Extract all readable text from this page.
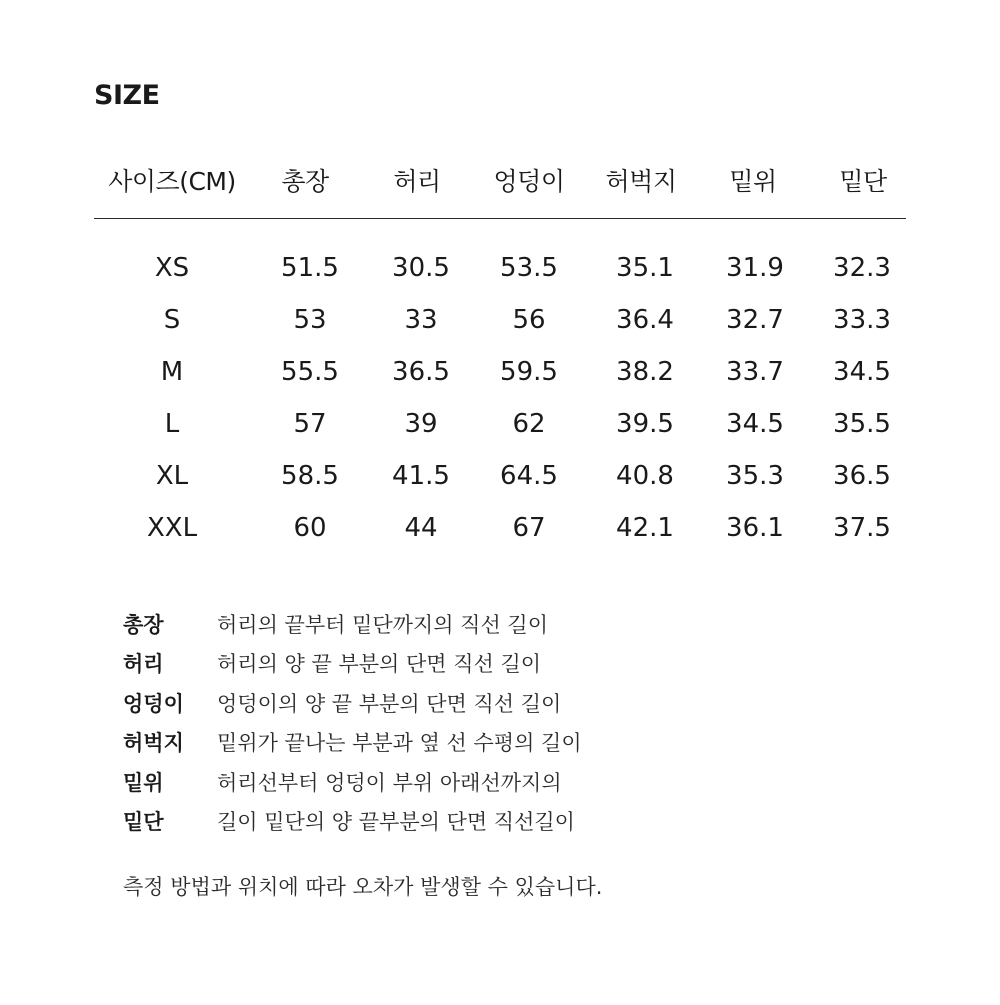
SIZE
사이즈(CM) 총장	허리 엉덩이 허벅지 밑위	밑단
XS	51.5 30.5 53.5 35.1 31.9 32.3
S	53	33	56	36.4 32.7 33.3
M	55.5 36.5 59.5 38.2 33.7 34.5
L	57	39	62	39.5 34.5 35.5
XL	58.5 41.5 64.5 40.8 35.3 36.5
XXL	60	44	67	42.1 36.1 37.5
총장	허리의 끝부터 밑단까지의 직선 길이
허리	허리의 양 끝 부분의 단면 직선 길이
엉덩이 엉덩이의 양 끝 부분의 단면 직선 길이
허벅지 밑위가 끝나는 부분과 옆 선 수평의 길이
밑위	허리선부터 엉덩이 부위 아래선까지의
밑단	길이 밑단의 양 끝부분의 단면 직선길이
측정 방법과 위치에 따라 오차가 발생할 수 있습니다.
